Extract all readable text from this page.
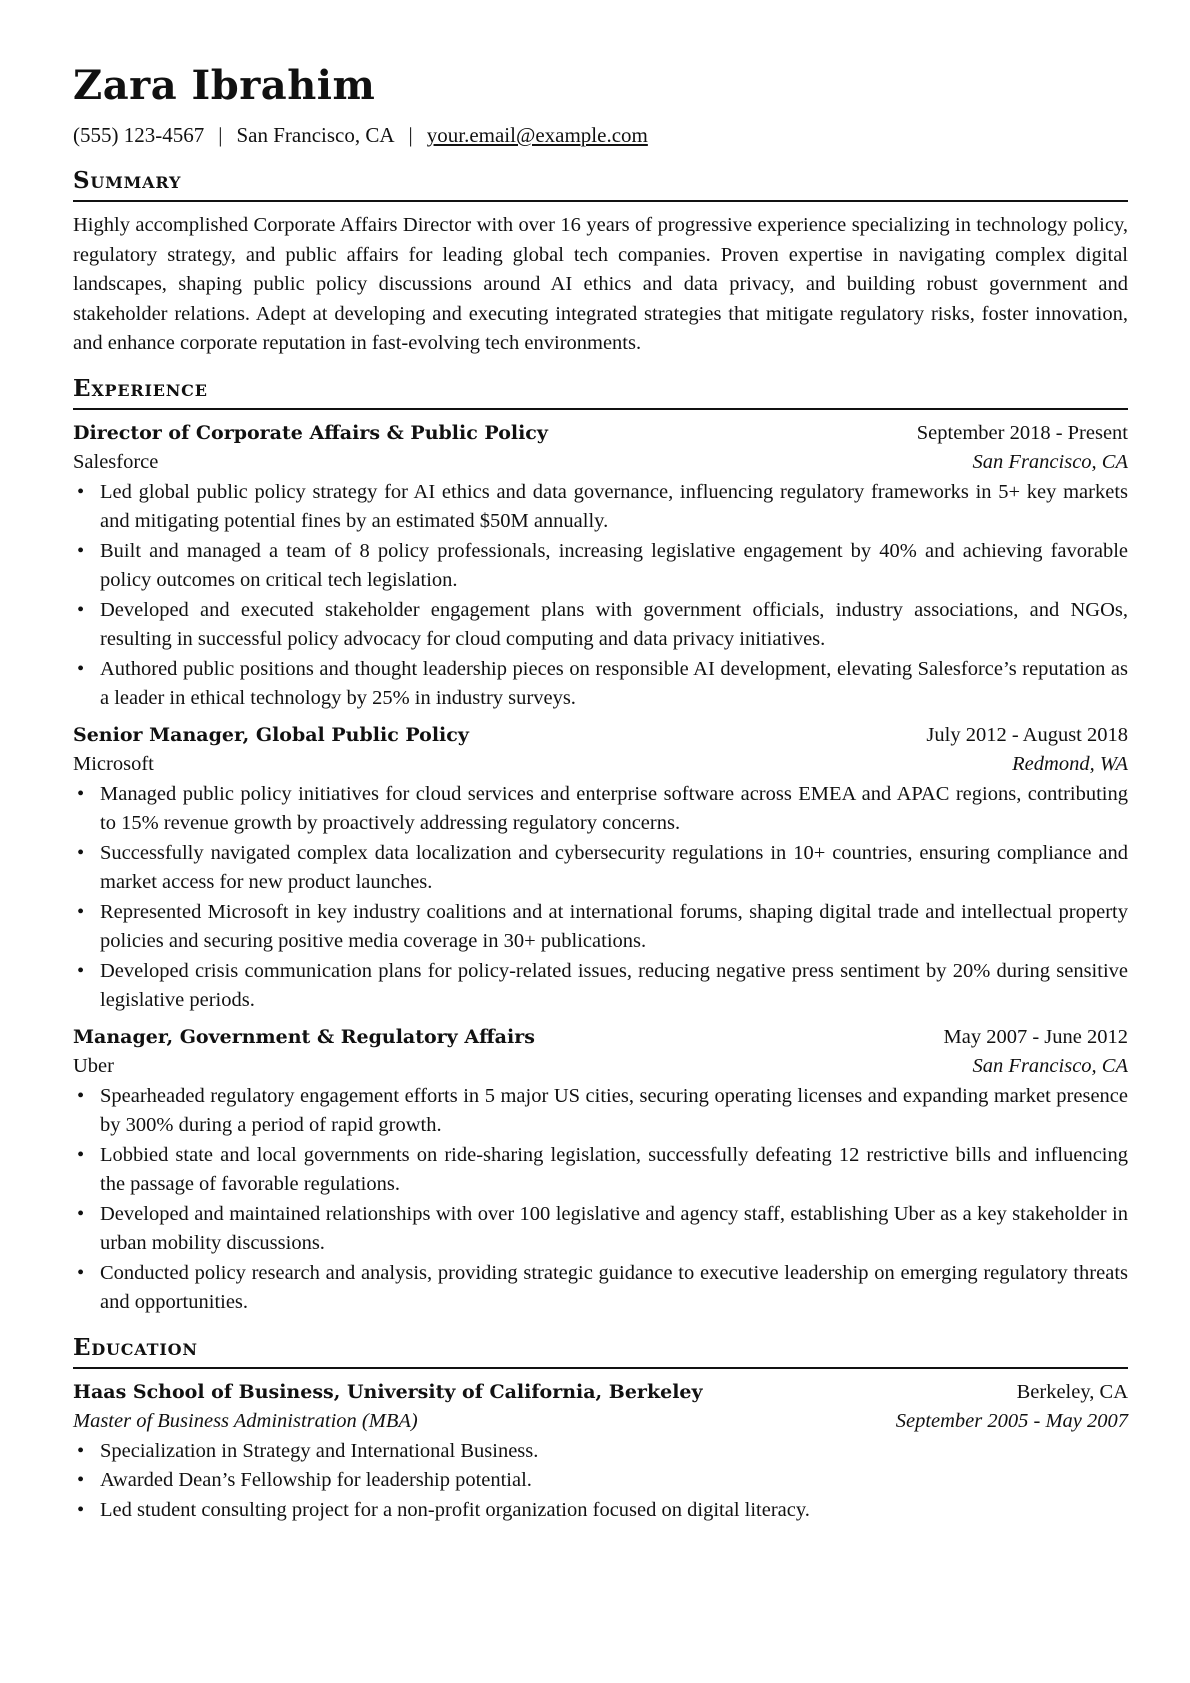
Zara Ibrahim
(555) 123-4567 | San Francisco, CA | your.email@example.com
Summary

Highly accomplished Corporate Affairs Director with over 16 years of progressive experience specializing in technology policy, regulatory strategy, and public affairs for leading global tech companies. Proven expertise in navigating complex digital landscapes, shaping public policy discussions around AI ethics and data privacy, and building robust government and stakeholder relations. Adept at developing and executing integrated strategies that mitigate regulatory risks, foster innovation, and enhance corporate reputation in fast-evolving tech environments.

Experience
Director of Corporate Affairs & Public Policy	September 2018 - Present
Salesforce	San Francisco, CA
• Led global public policy strategy for AI ethics and data governance, influencing regulatory frameworks in 5+ key markets and mitigating potential fines by an estimated $50M annually.
• Built and managed a team of 8 policy professionals, increasing legislative engagement by 40% and achieving favorable policy outcomes on critical tech legislation.
• Developed and executed stakeholder engagement plans with government officials, industry associations, and NGOs, resulting in successful policy advocacy for cloud computing and data privacy initiatives.
• Authored public positions and thought leadership pieces on responsible AI development, elevating Salesforce’s reputation as a leader in ethical technology by 25% in industry surveys.
Senior Manager, Global Public Policy	July 2012 - August 2018
Microsoft	Redmond, WA
• Managed public policy initiatives for cloud services and enterprise software across EMEA and APAC regions, contributing to 15% revenue growth by proactively addressing regulatory concerns.
• Successfully navigated complex data localization and cybersecurity regulations in 10+ countries, ensuring compliance and market access for new product launches.
• Represented Microsoft in key industry coalitions and at international forums, shaping digital trade and intellectual property policies and securing positive media coverage in 30+ publications.
• Developed crisis communication plans for policy-related issues, reducing negative press sentiment by 20% during sensitive legislative periods.
Manager, Government & Regulatory Affairs	May 2007 - June 2012
Uber	San Francisco, CA
• Spearheaded regulatory engagement efforts in 5 major US cities, securing operating licenses and expanding market presence by 300% during a period of rapid growth.
• Lobbied state and local governments on ride-sharing legislation, successfully defeating 12 restrictive bills and influencing the passage of favorable regulations.
• Developed and maintained relationships with over 100 legislative and agency staff, establishing Uber as a key stakeholder in urban mobility discussions.
• Conducted policy research and analysis, providing strategic guidance to executive leadership on emerging regulatory threats and opportunities.
Education
Haas School of Business, University of California, Berkeley	Berkeley, CA
Master of Business Administration (MBA)	September 2005 - May 2007
• Specialization in Strategy and International Business.
• Awarded Dean’s Fellowship for leadership potential.
• Led student consulting project for a non-profit organization focused on digital literacy.
